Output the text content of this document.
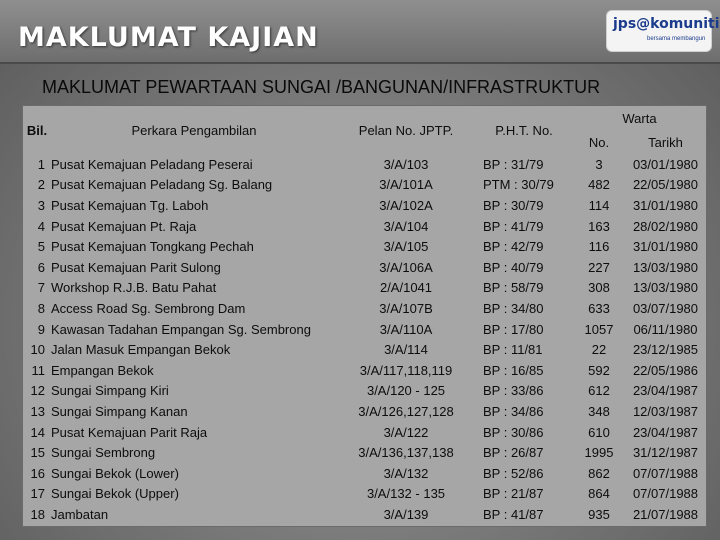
MAKLUMAT KAJIAN	jps@komuniti
bersama membangun
MAKLUMAT PEWARTAAN SUNGAI /BANGUNAN/INFRASTRUKTUR
Bil.	Perkara Pengambilan	Pelan No. JPTP.	P.H.T. No.	Warta	
				No.	Tarikh
1	Pusat Kemajuan Peladang Peserai	3/A/103	BP : 31/79	3	03/01/1980
2	Pusat Kemajuan Peladang Sg. Balang	3/A/101A	PTM : 30/79	482	22/05/1980
3	Pusat Kemajuan Tg. Laboh	3/A/102A	BP : 30/79	114	31/01/1980
4	Pusat Kemajuan Pt. Raja	3/A/104	BP : 41/79	163	28/02/1980
5	Pusat Kemajuan Tongkang Pechah	3/A/105	BP : 42/79	116	31/01/1980
6	Pusat Kemajuan Parit Sulong	3/A/106A	BP : 40/79	227	13/03/1980
7	Workshop R.J.B. Batu Pahat	2/A/1041	BP : 58/79	308	13/03/1980
8	Access Road Sg. Sembrong Dam	3/A/107B	BP : 34/80	633	03/07/1980
9	Kawasan Tadahan Empangan Sg. Sembrong	3/A/110A	BP : 17/80	1057	06/11/1980
10	Jalan Masuk Empangan Bekok	3/A/114	BP : 11/81	22	23/12/1985
11	Empangan Bekok	3/A/117,118,119	BP : 16/85	592	22/05/1986
12	Sungai Simpang Kiri	3/A/120 - 125	BP : 33/86	612	23/04/1987
13	Sungai Simpang Kanan	3/A/126,127,128	BP : 34/86	348	12/03/1987
14	Pusat Kemajuan Parit Raja	3/A/122	BP : 30/86	610	23/04/1987
15	Sungai Sembrong	3/A/136,137,138	BP : 26/87	1995	31/12/1987
16	Sungai Bekok (Lower)	3/A/132	BP : 52/86	862	07/07/1988
17	Sungai Bekok (Upper)	3/A/132 - 135	BP : 21/87	864	07/07/1988
18	Jambatan	3/A/139	BP : 41/87	935	21/07/1988
